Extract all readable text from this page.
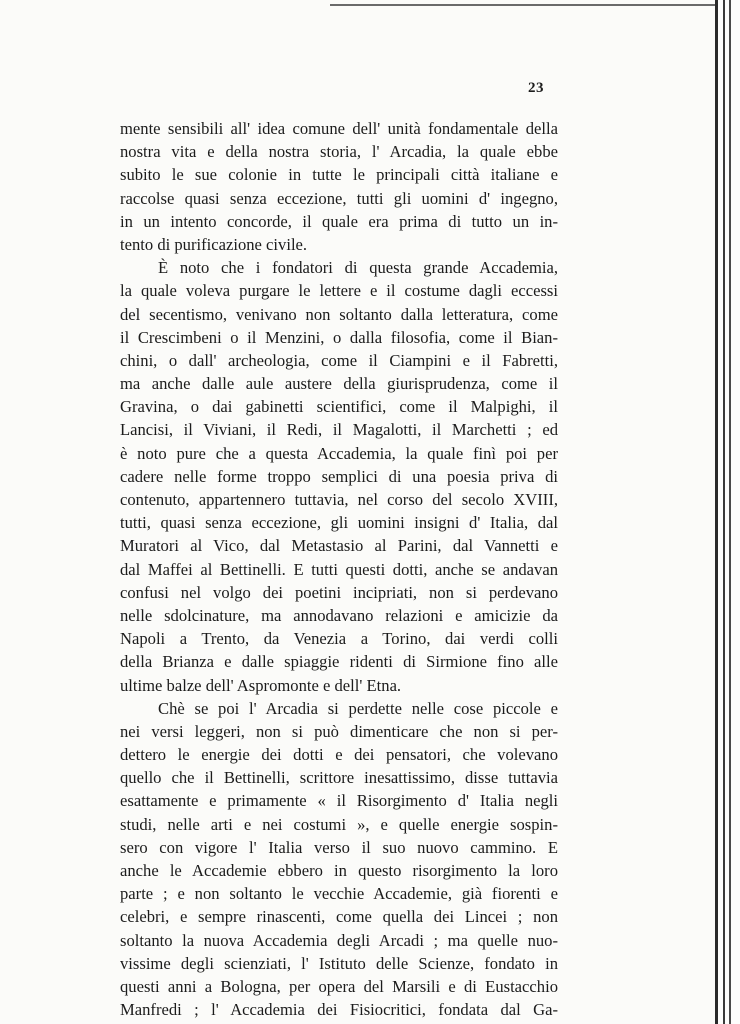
23
mente sensibili all' idea comune dell' unità fondamentale della
nostra vita e della nostra storia, l' Arcadia, la quale ebbe
subito le sue colonie in tutte le principali città italiane e
raccolse quasi senza eccezione, tutti gli uomini d' ingegno,
in un intento concorde, il quale era prima di tutto un in-
tento di purificazione civile.
È noto che i fondatori di questa grande Accademia,
la quale voleva purgare le lettere e il costume dagli eccessi
del secentismo, venivano non soltanto dalla letteratura, come
il Crescimbeni o il Menzini, o dalla filosofia, come il Bian-
chini, o dall' archeologia, come il Ciampini e il Fabretti,
ma anche dalle aule austere della giurisprudenza, come il
Gravina, o dai gabinetti scientifici, come il Malpighi, il
Lancisi, il Viviani, il Redi, il Magalotti, il Marchetti ; ed
è noto pure che a questa Accademia, la quale finì poi per
cadere nelle forme troppo semplici di una poesia priva di
contenuto, appartennero tuttavia, nel corso del secolo XVIII,
tutti, quasi senza eccezione, gli uomini insigni d' Italia, dal
Muratori al Vico, dal Metastasio al Parini, dal Vannetti e
dal Maffei al Bettinelli. E tutti questi dotti, anche se andavan
confusi nel volgo dei poetini incipriati, non si perdevano
nelle sdolcinature, ma annodavano relazioni e amicizie da
Napoli a Trento, da Venezia a Torino, dai verdi colli
della Brianza e dalle spiaggie ridenti di Sirmione fino alle
ultime balze dell' Aspromonte e dell' Etna.
Chè se poi l' Arcadia si perdette nelle cose piccole e
nei versi leggeri, non si può dimenticare che non si per-
dettero le energie dei dotti e dei pensatori, che volevano
quello che il Bettinelli, scrittore inesattissimo, disse tuttavia
esattamente e primamente « il Risorgimento d' Italia negli
studi, nelle arti e nei costumi », e quelle energie sospin-
sero con vigore l' Italia verso il suo nuovo cammino. E
anche le Accademie ebbero in questo risorgimento la loro
parte ; e non soltanto le vecchie Accademie, già fiorenti e
celebri, e sempre rinascenti, come quella dei Lincei ; non
soltanto la nuova Accademia degli Arcadi ; ma quelle nuo-
vissime degli scienziati, l' Istituto delle Scienze, fondato in
questi anni a Bologna, per opera del Marsili e di Eustacchio
Manfredi ; l' Accademia dei Fisiocritici, fondata dal Ga-
